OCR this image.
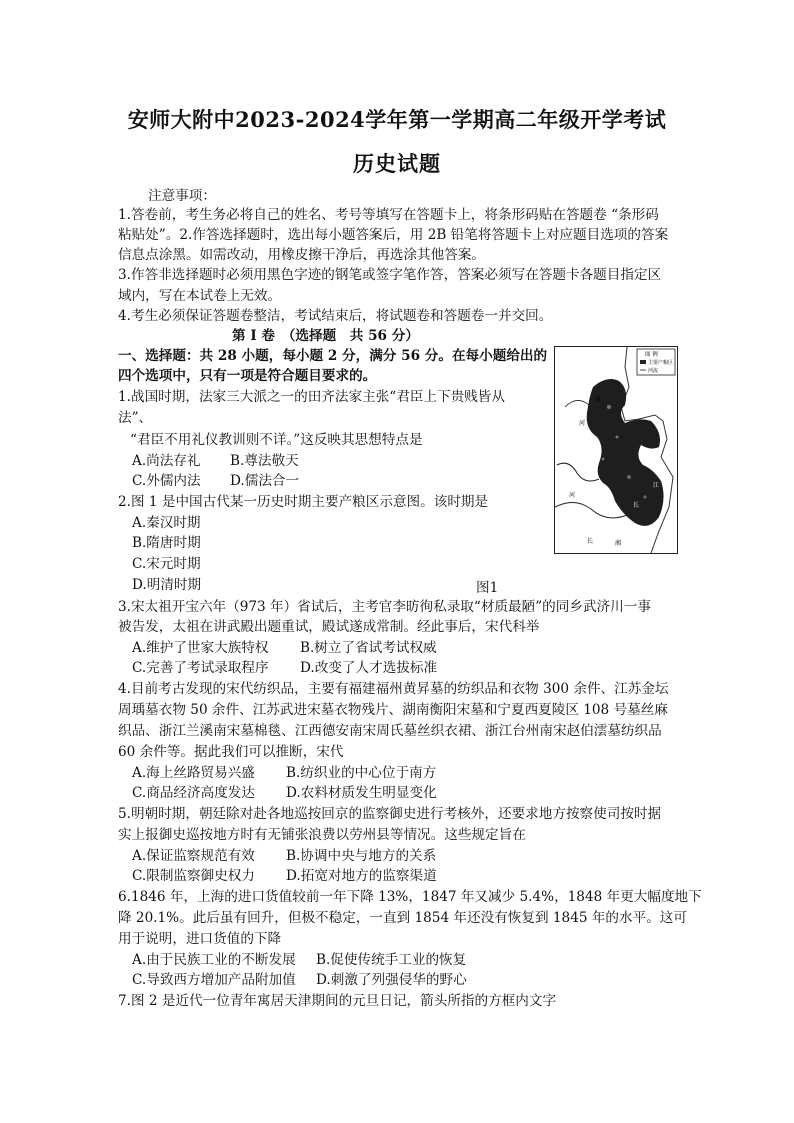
安师大附中2023-2024学年第一学期高二年级开学考试
历史试题
注意事项：
1.答卷前，考生务必将自己的姓名、考号等填写在答题卡上，将条形码贴在答题卷 “条形码
粘贴处”。2.作答选择题时，选出每小题答案后，用 2B 铅笔将答题卡上对应题目选项的答案
信息点涂黑。如需改动，用橡皮擦干净后，再选涂其他答案。
3.作答非选择题时必须用黑色字迹的钢笔或签字笔作答，答案必须写在答题卡各题目指定区
域内，写在本试卷上无效。
4.考生必须保证答题卷整洁，考试结束后，将试题卷和答题卷一并交回。
第 I 卷　（选择题　共 56 分）
一、选择题：共 28 小题，每小题 2 分，满分 56 分。在每小题给出的
四个选项中，只有一项是符合题目要求的。
1.战国时期，法家三大派之一的田齐法家主张“君臣上下贵贱皆从
法”、
“君臣不用礼仪教训则不详。”这反映其思想特点是
A.尚法存礼 B.尊法敬天
C.外儒内法 D.儒法合一
2.图 1 是中国古代某一历史时期主要产粮区示意图。该时期是
A.秦汉时期
B.隋唐时期
C.宋元时期
D.明清时期
图 例
主要产粮区
河流
黄
河
河
江
长
长	湘
图1
3.宋太祖开宝六年（973 年）省试后，主考官李昉徇私录取“材质最陋”的同乡武济川一事
被告发，太祖在讲武殿出题重试，殿试遂成常制。经此事后，宋代科举
A.维护了世家大族特权 B.树立了省试考试权威
C.完善了考试录取程序 D.改变了人才选拔标准
4.目前考古发现的宋代纺织品，主要有福建福州黄昇墓的纺织品和衣物 300 余件、江苏金坛
周瑀墓衣物 50 余件、江苏武进宋墓衣物残片、湖南衡阳宋墓和宁夏西夏陵区 108 号墓丝麻
织品、浙江兰溪南宋墓棉毯、江西德安南宋周氏墓丝织衣裙、浙江台州南宋赵伯澐墓纺织品
60 余件等。据此我们可以推断，宋代
A.海上丝路贸易兴盛 B.纺织业的中心位于南方
C.商品经济高度发达 D.农料材质发生明显变化
5.明朝时期，朝廷除对赴各地巡按回京的监察御史进行考核外，还要求地方按察使司按时据
实上报御史巡按地方时有无铺张浪费以劳州县等情况。这些规定旨在
A.保证监察规范有效 B.协调中央与地方的关系
C.限制监察御史权力 D.拓宽对地方的监察渠道
6.1846 年，上海的进口货值较前一年下降 13%，1847 年又减少 5.4%，1848 年更大幅度地下
降 20.1%。此后虽有回升，但极不稳定，一直到 1854 年还没有恢复到 1845 年的水平。这可
用于说明，进口货值的下降
A.由于民族工业的不断发展 B.促使传统手工业的恢复
C.导致西方增加产品附加值 D.刺激了列强侵华的野心
7.图 2 是近代一位青年寓居天津期间的元旦日记，箭头所指的方框内文字
